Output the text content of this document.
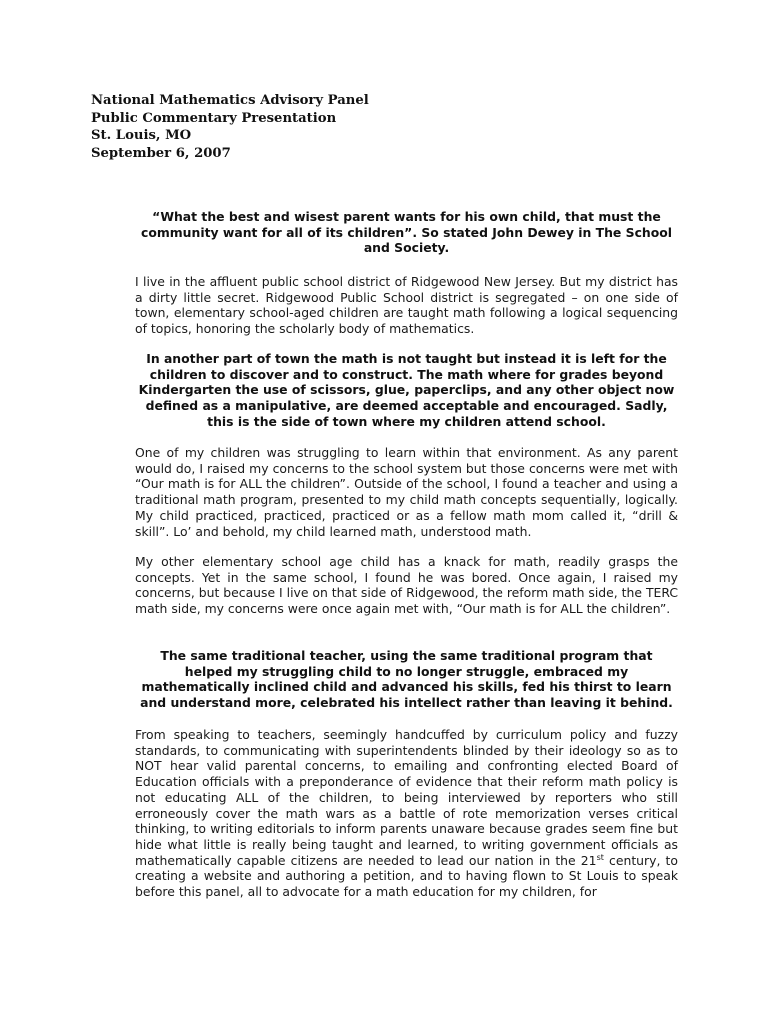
National Mathematics Advisory Panel
Public Commentary Presentation
St. Louis, MO
September 6, 2007
“What the best and wisest parent wants for his own child, that must the community want for all of its children”. So stated John Dewey in The School and Society.
I live in the affluent public school district of Ridgewood New Jersey. But my district has a dirty little secret. Ridgewood Public School district is segregated – on one side of town, elementary school-aged children are taught math following a logical sequencing of topics, honoring the scholarly body of mathematics.
In another part of town the math is not taught but instead it is left for the children to discover and to construct. The math where for grades beyond Kindergarten the use of scissors, glue, paperclips, and any other object now defined as a manipulative, are deemed acceptable and encouraged. Sadly, this is the side of town where my children attend school.
One of my children was struggling to learn within that environment. As any parent would do, I raised my concerns to the school system but those concerns were met with “Our math is for ALL the children”. Outside of the school, I found a teacher and using a traditional math program, presented to my child math concepts sequentially, logically. My child practiced, practiced, practiced or as a fellow math mom called it, “drill & skill”. Lo’ and behold, my child learned math, understood math.
My other elementary school age child has a knack for math, readily grasps the concepts. Yet in the same school, I found he was bored. Once again, I raised my concerns, but because I live on that side of Ridgewood, the reform math side, the TERC math side, my concerns were once again met with, “Our math is for ALL the children”.
The same traditional teacher, using the same traditional program that helped my struggling child to no longer struggle, embraced my mathematically inclined child and advanced his skills, fed his thirst to learn and understand more, celebrated his intellect rather than leaving it behind.
From speaking to teachers, seemingly handcuffed by curriculum policy and fuzzy standards, to communicating with superintendents blinded by their ideology so as to NOT hear valid parental concerns, to emailing and confronting elected Board of Education officials with a preponderance of evidence that their reform math policy is not educating ALL of the children, to being interviewed by reporters who still erroneously cover the math wars as a battle of rote memorization verses critical thinking, to writing editorials to inform parents unaware because grades seem fine but hide what little is really being taught and learned, to writing government officials as mathematically capable citizens are needed to lead our nation in the 21st century, to creating a website and authoring a petition, and to having flown to St Louis to speak before this panel, all to advocate for a math education for my children, for
